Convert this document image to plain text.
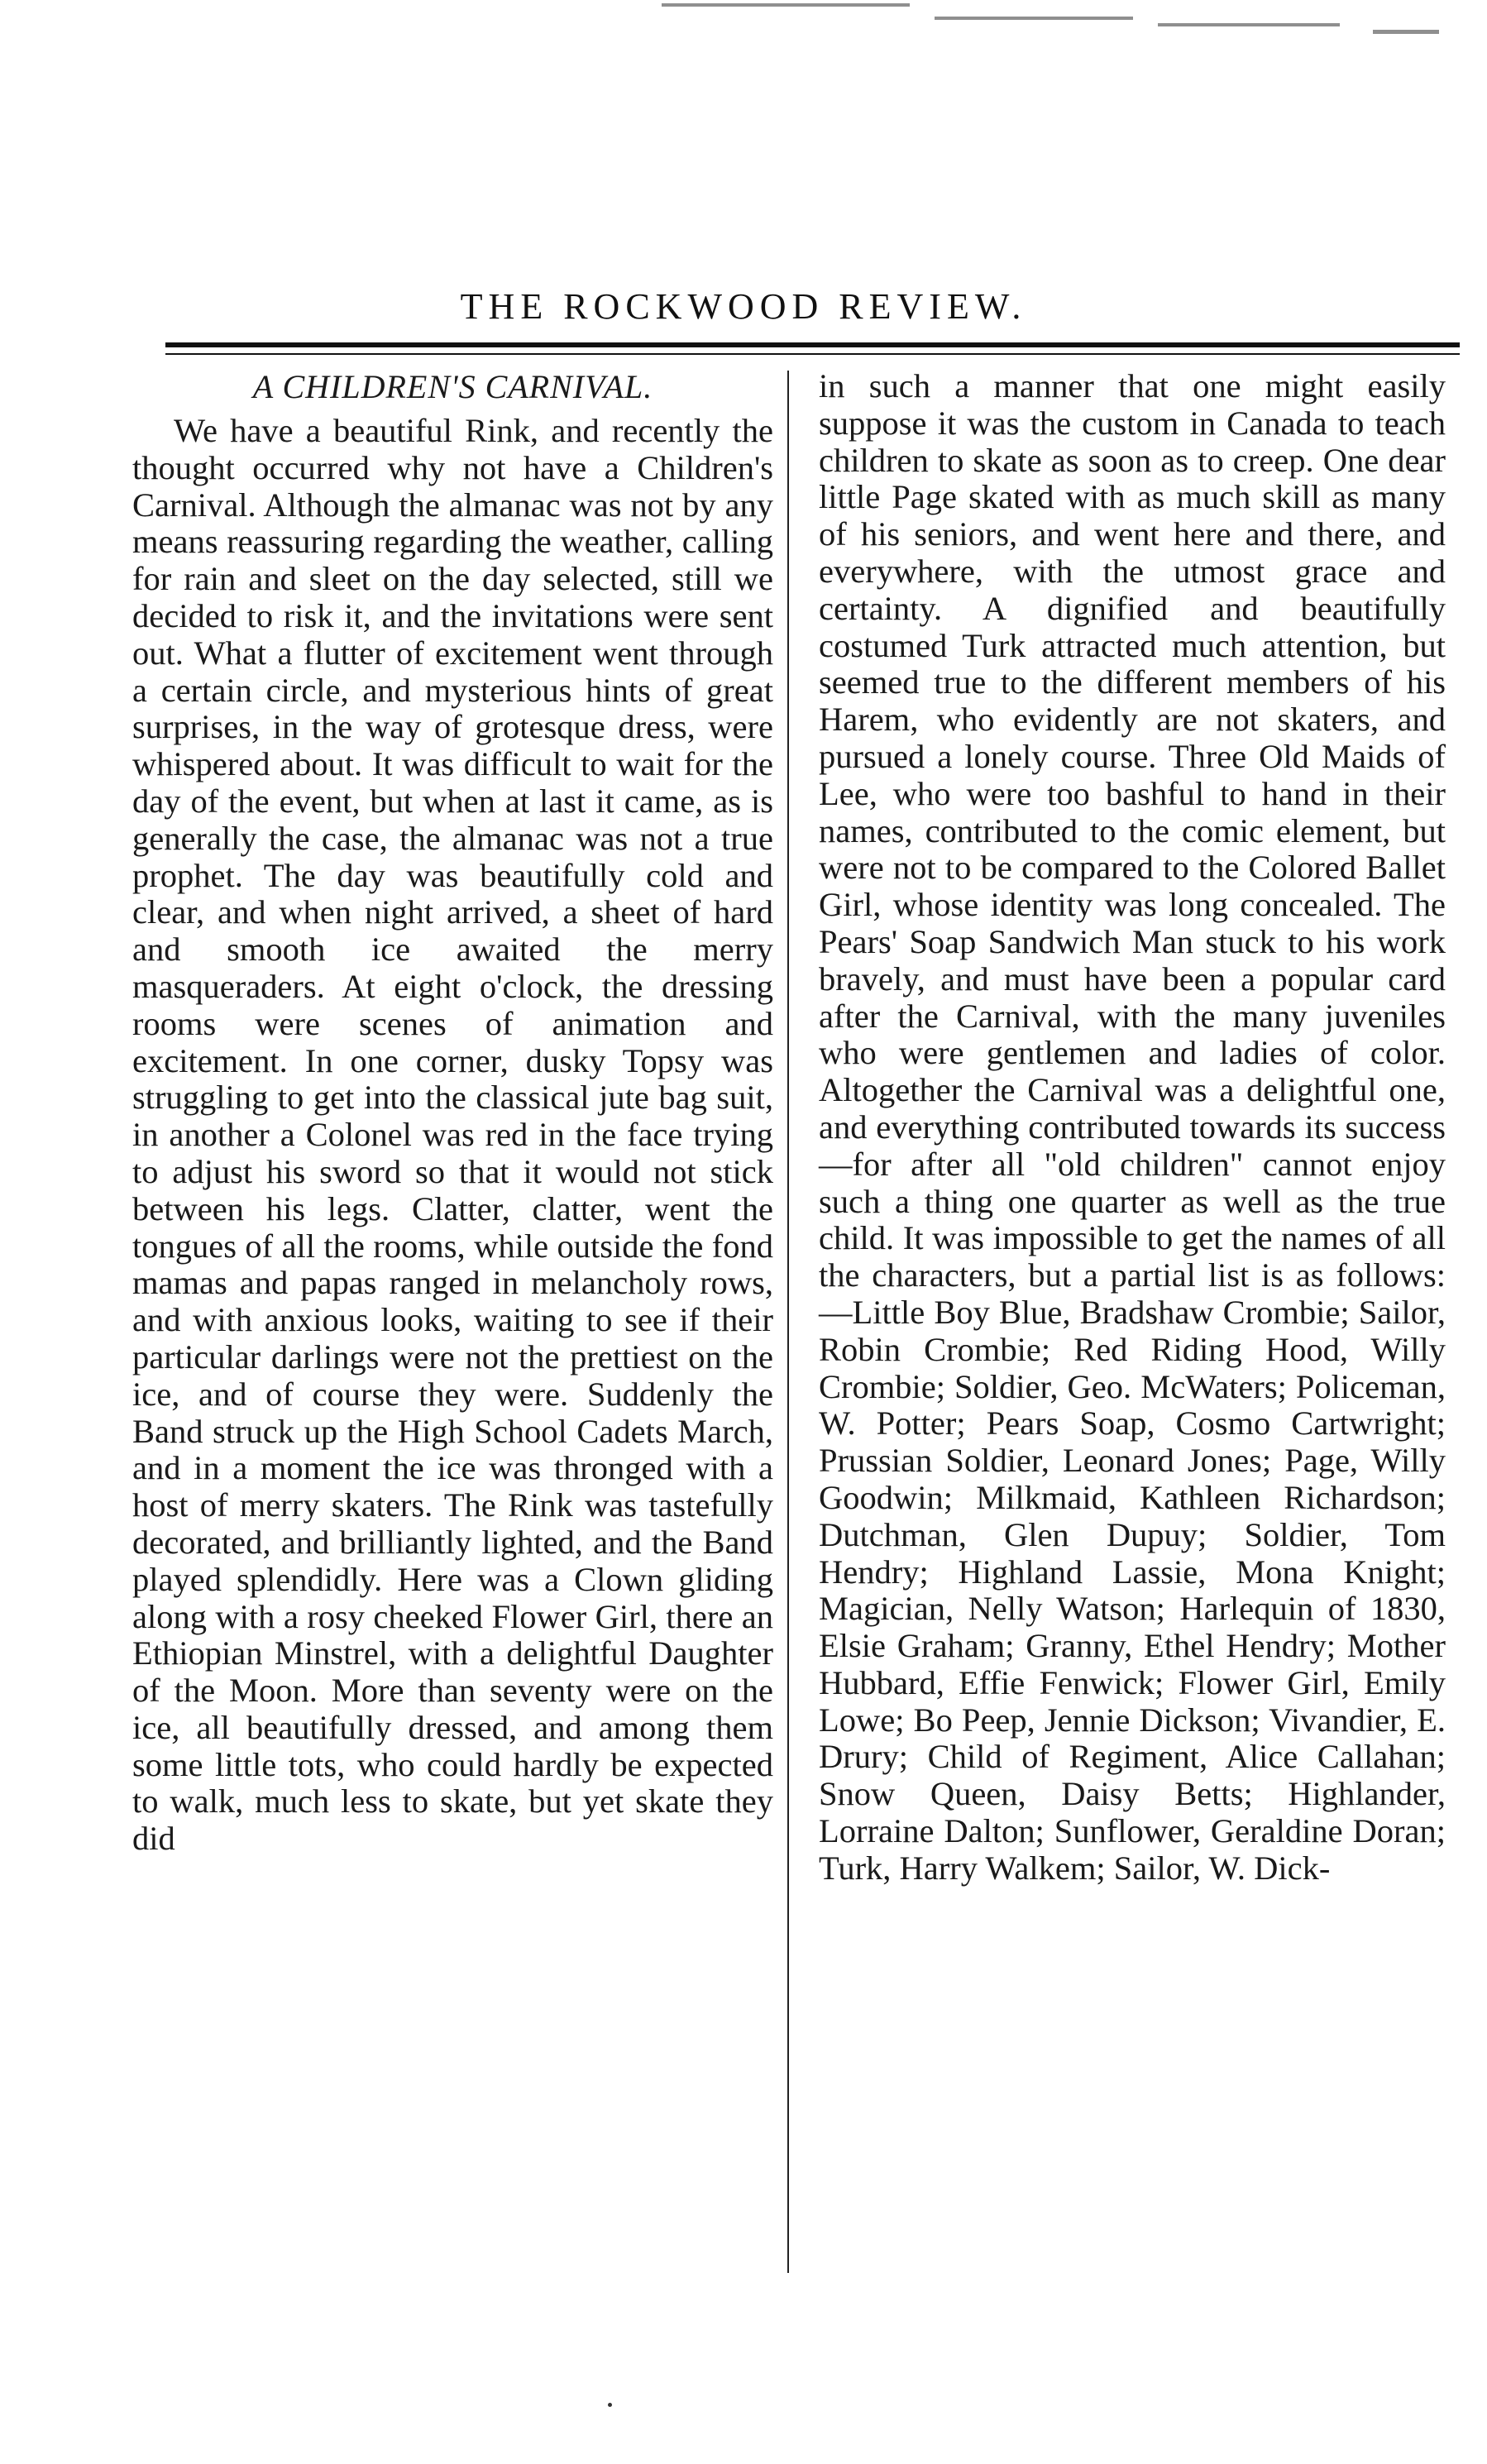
THE ROCKWOOD REVIEW.
A CHILDREN'S CARNIVAL.

We have a beautiful Rink, and recently the thought occurred why not have a Children's Carnival. Although the almanac was not by any means reassuring regarding the weather, calling for rain and sleet on the day selected, still we decided to risk it, and the invitations were sent out. What a flutter of excitement went through a certain circle, and mysterious hints of great surprises, in the way of grotesque dress, were whispered about. It was difficult to wait for the day of the event, but when at last it came, as is generally the case, the almanac was not a true prophet. The day was beautifully cold and clear, and when night arrived, a sheet of hard and smooth ice awaited the merry masqueraders. At eight o'clock, the dressing rooms were scenes of animation and excitement. In one corner, dusky Topsy was struggling to get into the classical jute bag suit, in another a Colonel was red in the face trying to adjust his sword so that it would not stick between his legs. Clatter, clatter, went the tongues of all the rooms, while outside the fond mamas and papas ranged in melancholy rows, and with anxious looks, waiting to see if their particular darlings were not the prettiest on the ice, and of course they were. Suddenly the Band struck up the High School Cadets March, and in a moment the ice was thronged with a host of merry skaters. The Rink was tastefully decorated, and brilliantly lighted, and the Band played splendidly. Here was a Clown gliding along with a rosy cheeked Flower Girl, there an Ethiopian Minstrel, with a delightful Daughter of the Moon. More than seventy were on the ice, all beautifully dressed, and among them some little tots, who could hardly be expected to walk, much less to skate, but yet skate they did

in such a manner that one might easily suppose it was the custom in Canada to teach children to skate as soon as to creep. One dear little Page skated with as much skill as many of his seniors, and went here and there, and everywhere, with the utmost grace and certainty. A dignified and beautifully costumed Turk attracted much attention, but seemed true to the different members of his Harem, who evidently are not skaters, and pursued a lonely course. Three Old Maids of Lee, who were too bashful to hand in their names, contributed to the comic element, but were not to be compared to the Colored Ballet Girl, whose identity was long concealed. The Pears' Soap Sandwich Man stuck to his work bravely, and must have been a popular card after the Carnival, with the many juveniles who were gentlemen and ladies of color. Altogether the Carnival was a delightful one, and everything contributed towards its success—for after all "old children" cannot enjoy such a thing one quarter as well as the true child. It was impossible to get the names of all the characters, but a partial list is as follows:—Little Boy Blue, Bradshaw Crombie; Sailor, Robin Crombie; Red Riding Hood, Willy Crombie; Soldier, Geo. McWaters; Policeman, W. Potter; Pears Soap, Cosmo Cartwright; Prussian Soldier, Leonard Jones; Page, Willy Goodwin; Milkmaid, Kathleen Richardson; Dutchman, Glen Dupuy; Soldier, Tom Hendry; Highland Lassie, Mona Knight; Magician, Nelly Watson; Harlequin of 1830, Elsie Graham; Granny, Ethel Hendry; Mother Hubbard, Effie Fenwick; Flower Girl, Emily Lowe; Bo Peep, Jennie Dickson; Vivandier, E. Drury; Child of Regiment, Alice Callahan; Snow Queen, Daisy Betts; Highlander, Lorraine Dalton; Sunflower, Geraldine Doran; Turk, Harry Walkem; Sailor, W. Dick-
